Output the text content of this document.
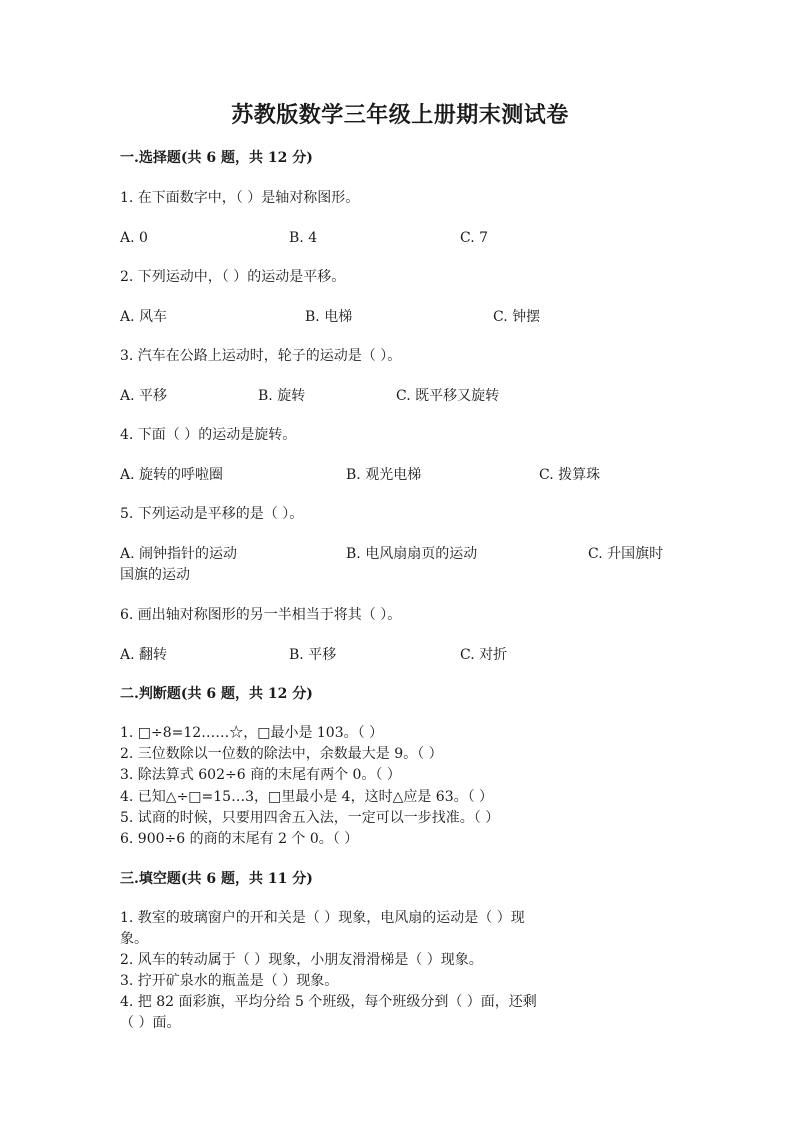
苏教版数学三年级上册期末测试卷
一.选择题(共 6 题，共 12 分)
1. 在下面数字中，（ ）是轴对称图形。
A. 0	B. 4	C. 7
2. 下列运动中，（ ）的运动是平移。
A. 风车	B. 电梯	C. 钟摆
3. 汽车在公路上运动时，轮子的运动是（ ）。
A. 平移	B. 旋转	C. 既平移又旋转
4. 下面（ ）的运动是旋转。
A. 旋转的呼啦圈	B. 观光电梯	C. 拨算珠
5. 下列运动是平移的是（ ）。
A. 闹钟指针的运动	B. 电风扇扇页的运动	C. 升国旗时
国旗的运动
6. 画出轴对称图形的另一半相当于将其（ ）。
A. 翻转	B. 平移	C. 对折
二.判断题(共 6 题，共 12 分)
1. □÷8=12……☆，□最小是 103。（ ）
2. 三位数除以一位数的除法中，余数最大是 9。（ ）
3. 除法算式 602÷6 商的末尾有两个 0。（ ）
4. 已知△÷□=15…3，□里最小是 4，这时△应是 63。（ ）
5. 试商的时候，只要用四舍五入法，一定可以一步找准。（ ）
6. 900÷6 的商的末尾有 2 个 0。（ ）
三.填空题(共 6 题，共 11 分)
1. 教室的玻璃窗户的开和关是（ ）现象，电风扇的运动是（ ）现
象。
2. 风车的转动属于（ ）现象，小朋友滑滑梯是（ ）现象。
3. 拧开矿泉水的瓶盖是（ ）现象。
4. 把 82 面彩旗，平均分给 5 个班级，每个班级分到（ ）面，还剩
（ ）面。
